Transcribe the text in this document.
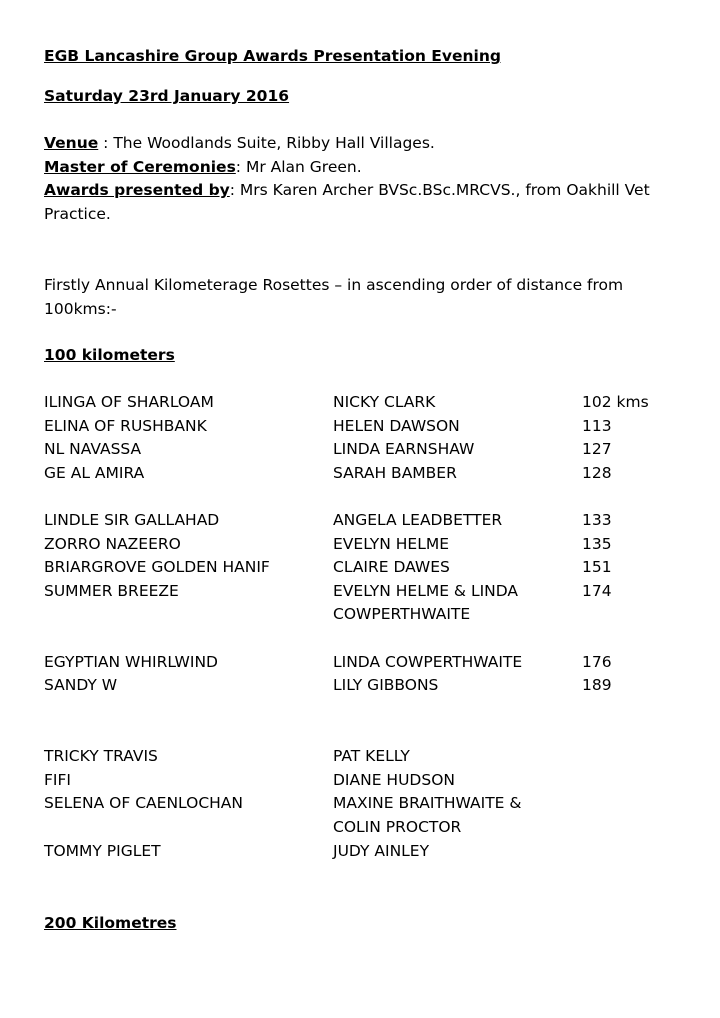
EGB Lancashire Group Awards Presentation Evening
Saturday 23rd January 2016
Venue : The Woodlands Suite, Ribby Hall Villages.
Master of Ceremonies: Mr Alan Green.
Awards presented by: Mrs Karen Archer BVSc.BSc.MRCVS., from Oakhill Vet Practice.
Firstly Annual Kilometerage Rosettes – in ascending order of distance from 100kms:-
100 kilometers
ILINGA OF SHARLOAM	NICKY CLARK	102 kms
ELINA OF RUSHBANK	HELEN DAWSON	113
NL NAVASSA	LINDA EARNSHAW	127
GE AL AMIRA	SARAH BAMBER	128
LINDLE SIR GALLAHAD	ANGELA LEADBETTER	133
ZORRO NAZEERO	EVELYN HELME	135
BRIARGROVE GOLDEN HANIF	CLAIRE DAWES	151
SUMMER BREEZE	EVELYN HELME & LINDA	174
COWPERTHWAITE
EGYPTIAN WHIRLWIND	LINDA COWPERTHWAITE	176
SANDY W	LILY GIBBONS	189
TRICKY TRAVIS	PAT KELLY
FIFI	DIANE HUDSON
SELENA OF CAENLOCHAN	MAXINE BRAITHWAITE &
COLIN PROCTOR
TOMMY PIGLET	JUDY AINLEY
200 Kilometres
